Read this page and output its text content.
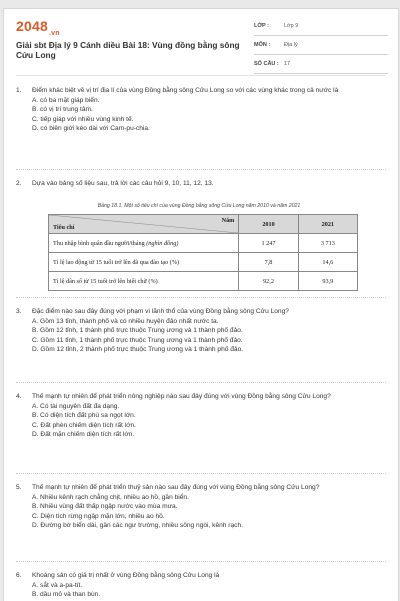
$2048_{.vn}$
Giải sbt Địa lý 9 Cánh diều Bài 18: Vùng đồng bằng sông Cửu Long
LỚP :	Lớp 9
MÔN :	Địa lý
SỐ CÂU : 17
1.	Điểm khác biệt về vị trí địa lí của vùng Đồng bằng sông Cửu Long so với các vùng khác trong cả nước là
A. có ba mặt giáp biển.
B. có vị trí trung tâm.
C. tiếp giáp với nhiều vùng kinh tế.
D. có biên giới kéo dài với Cam-pu-chia.
2.	Dựa vào bảng số liệu sau, trả lời các câu hỏi 9, 10, 11, 12, 13.
Bảng 18.1. Một số tiêu chí của vùng Đồng bằng sông Cửu Long năm 2010 và năm 2021
Tiêu chí
Năm	2010	2021
Thu nhập bình quân đầu người/tháng (nghìn đồng)	1 247	3 713
Tỉ lệ lao động từ 15 tuổi trở lên đã qua đào tạo (%)	7,8	14,6
Tỉ lệ dân số từ 15 tuổi trở lên biết chữ (%)	92,2	93,9
3.	Đặc điểm nào sau đây đúng với phạm vi lãnh thổ của vùng Đồng bằng sông Cửu Long?
A. Gồm 13 tỉnh, thành phố và có nhiều huyện đảo nhất nước ta.
B. Gồm 12 tỉnh, 1 thành phố trực thuộc Trung ương và 1 thành phố đảo.
C. Gồm 11 tỉnh, 1 thành phố trực thuộc Trung ương và 1 thành phố đảo.
D. Gồm 12 tỉnh, 2 thành phố trực thuộc Trung ương và 1 thành phố đảo.
4.	Thế mạnh tự nhiên để phát triển nông nghiệp nào sau đây đúng với vùng Đồng bằng sông Cửu Long?
A. Có tài nguyên đất đa dạng.
B. Có diện tích đất phù sa ngọt lớn.
C. Đất phèn chiếm diện tích rất lớn.
D. Đất mặn chiếm diện tích rất lớn.
5.	Thế mạnh tự nhiên để phát triển thuỷ sản nào sau đây đúng với vùng Đồng bằng sông Cửu Long?
A. Nhiều kênh rạch chằng chịt, nhiều ao hồ, gần biển.
B. Nhiều vùng đất thấp ngập nước vào mùa mưa.
C. Diện tích rừng ngập mặn lớn, nhiều ao hồ.
D. Đường bờ biển dài, gần các ngư trường, nhiều sông ngòi, kênh rạch.
6.	Khoáng sản có giá trị nhất ở vùng Đồng bằng sông Cửu Long là
A. sắt và a-pa-tít.
B. dầu mỏ và than bùn.
